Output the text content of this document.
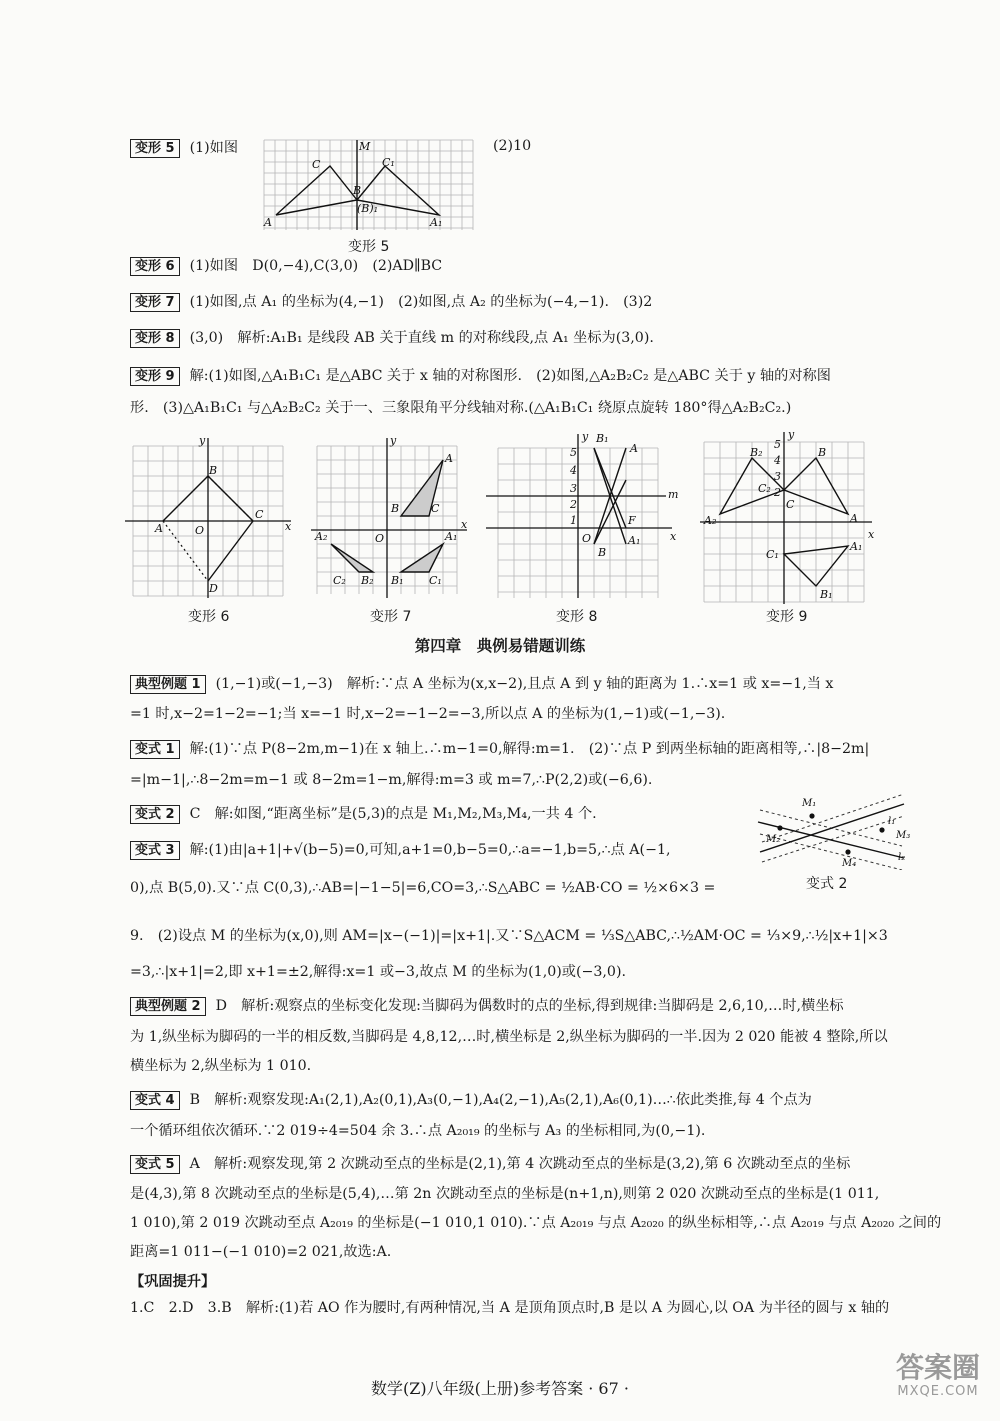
变形 5 (1)如图	(2)10
M
C	C₁
B
(B)₁
A	A₁
变形 5
变形 6 (1)如图　D(0,−4),C(3,0)　(2)AD∥BC
变形 7 (1)如图,点 A₁ 的坐标为(4,−1)　(2)如图,点 A₂ 的坐标为(−4,−1).　(3)2
变形 8 (3,0)　解析:A₁B₁ 是线段 AB 关于直线 m 的对称线段,点 A₁ 坐标为(3,0).
变形 9 解:(1)如图,△A₁B₁C₁ 是△ABC 关于 x 轴的对称图形.　(2)如图,△A₂B₂C₂ 是△ABC 关于 y 轴的对称图
形.　(3)△A₁B₁C₁ 与△A₂B₂C₂ 关于一、三象限角平分线轴对称.(△A₁B₁C₁ 绕原点旋转 180°得△A₂B₂C₂.)
y
x
O
B
A
C
D
y
x
O
A
B	C
A₂	A₁
C₂ B₂ B₁ C₁
y B₁
A
m
x
O
B
F
A₁
5
4
3
2
1
y
x
B₂	B
C₂
C
A₂	A
C₁
A₁
B₁
5
4
3
2
变形 6	变形 7	变形 8	变形 9
第四章　典例易错题训练
典型例题 1 (1,−1)或(−1,−3)　解析:∵点 A 坐标为(x,x−2),且点 A 到 y 轴的距离为 1.∴x=1 或 x=−1,当 x
=1 时,x−2=1−2=−1;当 x=−1 时,x−2=−1−2=−3,所以点 A 的坐标为(1,−1)或(−1,−3).
变式 1 解:(1)∵点 P(8−2m,m−1)在 x 轴上.∴m−1=0,解得:m=1.　(2)∵点 P 到两坐标轴的距离相等,∴|8−2m|
=|m−1|,∴8−2m=m−1 或 8−2m=1−m,解得:m=3 或 m=7,∴P(2,2)或(−6,6).
变式 2 C　解:如图,“距离坐标”是(5,3)的点是 M₁,M₂,M₃,M₄,一共 4 个.
M₁
l₁
M₃
M₂
M₄
l₂
变式 2
变式 3 解:(1)由|a+1|+√(b−5)=0,可知,a+1=0,b−5=0,∴a=−1,b=5,∴点 A(−1,
0),点 B(5,0).又∵点 C(0,3),∴AB=|−1−5|=6,CO=3,∴S△ABC = ½AB·CO = ½×6×3 =
9.　(2)设点 M 的坐标为(x,0),则 AM=|x−(−1)|=|x+1|.又∵S△ACM = ⅓S△ABC,∴½AM·OC = ⅓×9,∴½|x+1|×3
=3,∴|x+1|=2,即 x+1=±2,解得:x=1 或−3,故点 M 的坐标为(1,0)或(−3,0).
典型例题 2 D　解析:观察点的坐标变化发现:当脚码为偶数时的点的坐标,得到规律:当脚码是 2,6,10,…时,横坐标
为 1,纵坐标为脚码的一半的相反数,当脚码是 4,8,12,…时,横坐标是 2,纵坐标为脚码的一半.因为 2 020 能被 4 整除,所以
横坐标为 2,纵坐标为 1 010.
变式 4 B　解析:观察发现:A₁(2,1),A₂(0,1),A₃(0,−1),A₄(2,−1),A₅(2,1),A₆(0,1)…∴依此类推,每 4 个点为
一个循环组依次循环.∵2 019÷4=504 余 3.∴点 A₂₀₁₉ 的坐标与 A₃ 的坐标相同,为(0,−1).
变式 5 A　解析:观察发现,第 2 次跳动至点的坐标是(2,1),第 4 次跳动至点的坐标是(3,2),第 6 次跳动至点的坐标
是(4,3),第 8 次跳动至点的坐标是(5,4),…第 2n 次跳动至点的坐标是(n+1,n),则第 2 020 次跳动至点的坐标是(1 011,
1 010),第 2 019 次跳动至点 A₂₀₁₉ 的坐标是(−1 010,1 010).∵点 A₂₀₁₉ 与点 A₂₀₂₀ 的纵坐标相等,∴点 A₂₀₁₉ 与点 A₂₀₂₀ 之间的
距离=1 011−(−1 010)=2 021,故选:A.
【巩固提升】
1.C　2.D　3.B　解析:(1)若 AO 作为腰时,有两种情况,当 A 是顶角顶点时,B 是以 A 为圆心,以 OA 为半径的圆与 x 轴的
数学(Z)八年级(上册)参考答案 · 67 ·
答案圈
MXQE.COM
